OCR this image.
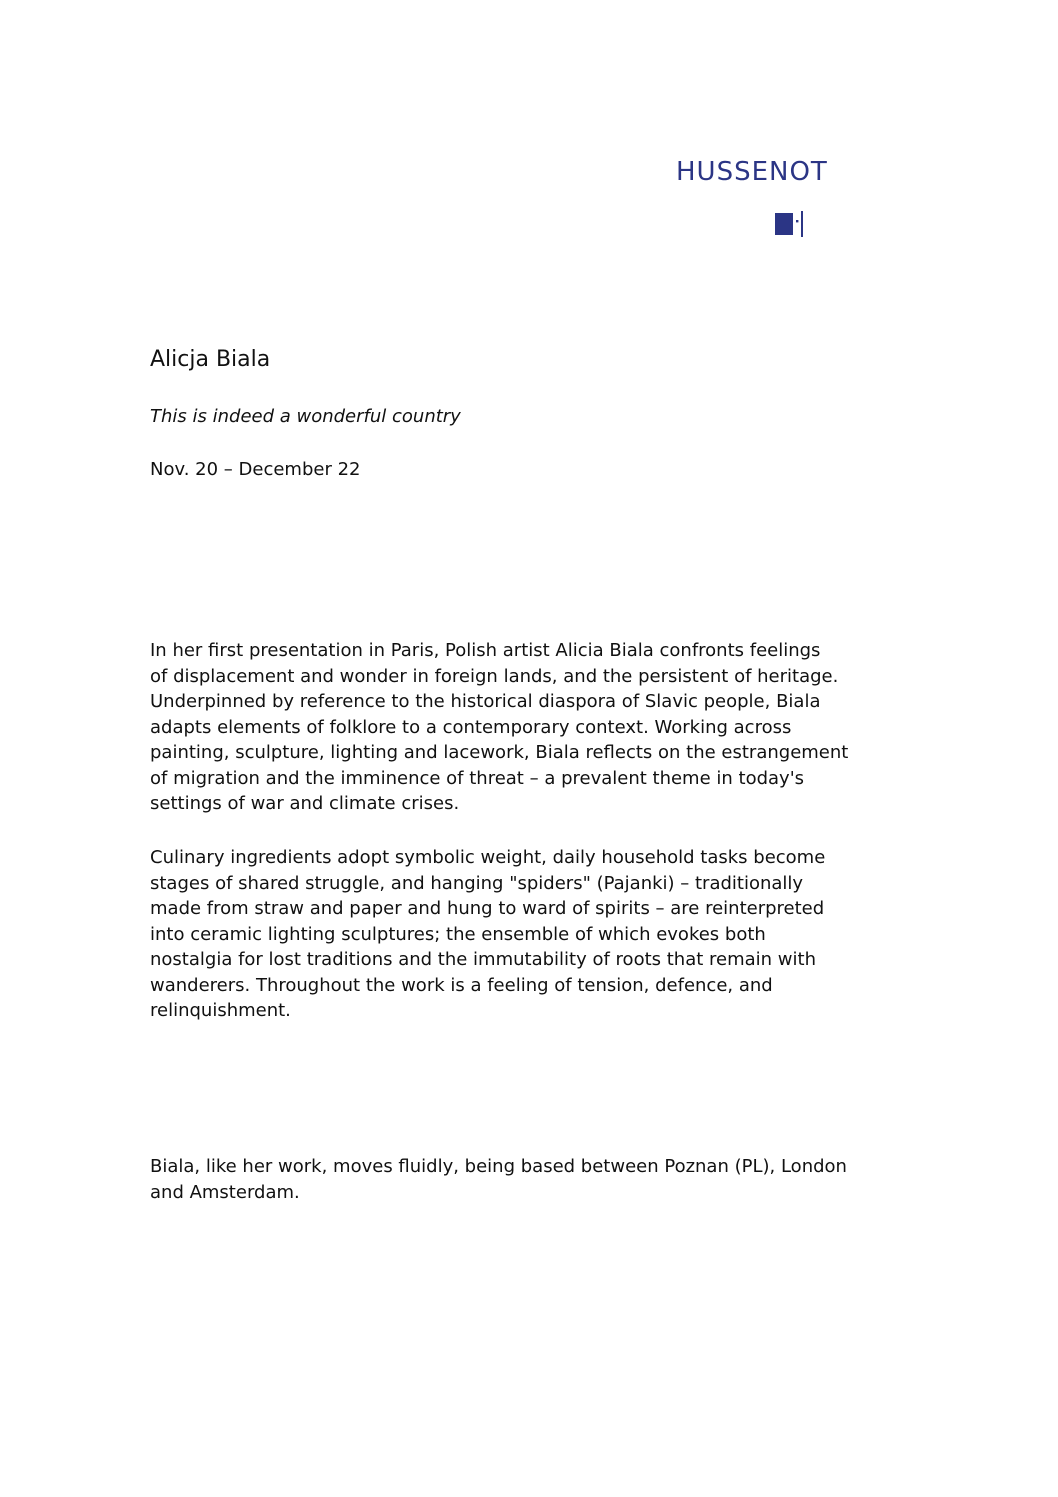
hussenot
Alicja Biala
This is indeed a wonderful country
Nov. 20 – December 22

In her first presentation in Paris, Polish artist Alicia Biala confronts feelings
of displacement and wonder in foreign lands, and the persistent of heritage.
Underpinned by reference to the historical diaspora of Slavic people, Biala
adapts elements of folklore to a contemporary context. Working across
painting, sculpture, lighting and lacework, Biala reflects on the estrangement
of migration and the imminence of threat – a prevalent theme in today's
settings of war and climate crises.

Culinary ingredients adopt symbolic weight, daily household tasks become
stages of shared struggle, and hanging "spiders" (Pajanki) – traditionally
made from straw and paper and hung to ward of spirits – are reinterpreted
into ceramic lighting sculptures; the ensemble of which evokes both
nostalgia for lost traditions and the immutability of roots that remain with
wanderers. Throughout the work is a feeling of tension, defence, and
relinquishment.

Biala, like her work, moves fluidly, being based between Poznan (PL), London
and Amsterdam.
